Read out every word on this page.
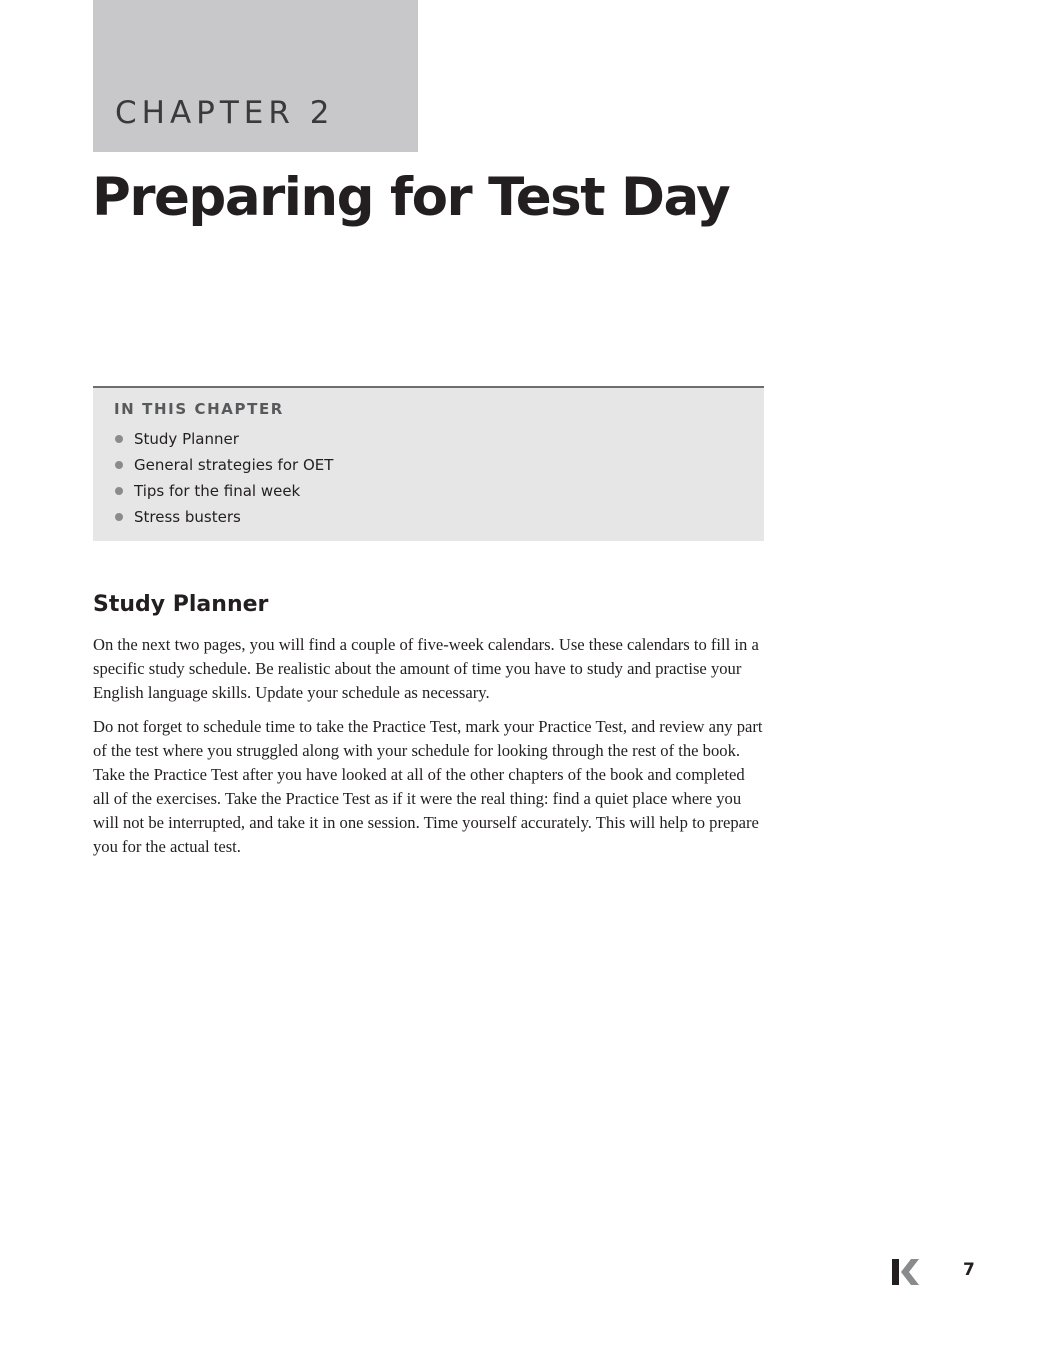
CHAPTER 2
Preparing for Test Day
IN THIS CHAPTER
Study Planner
General strategies for OET
Tips for the final week
Stress busters
Study Planner

On the next two pages, you will find a couple of five-week calendars. Use these calendars to fill in a specific study schedule. Be realistic about the amount of time you have to study and practise your English language skills. Update your schedule as necessary.

Do not forget to schedule time to take the Practice Test, mark your Practice Test, and review any part of the test where you struggled along with your schedule for looking through the rest of the book. Take the Practice Test after you have looked at all of the other chapters of the book and completed all of the exercises. Take the Practice Test as if it were the real thing: find a quiet place where you will not be interrupted, and take it in one session. Time yourself accurately. This will help to prepare you for the actual test.

7
